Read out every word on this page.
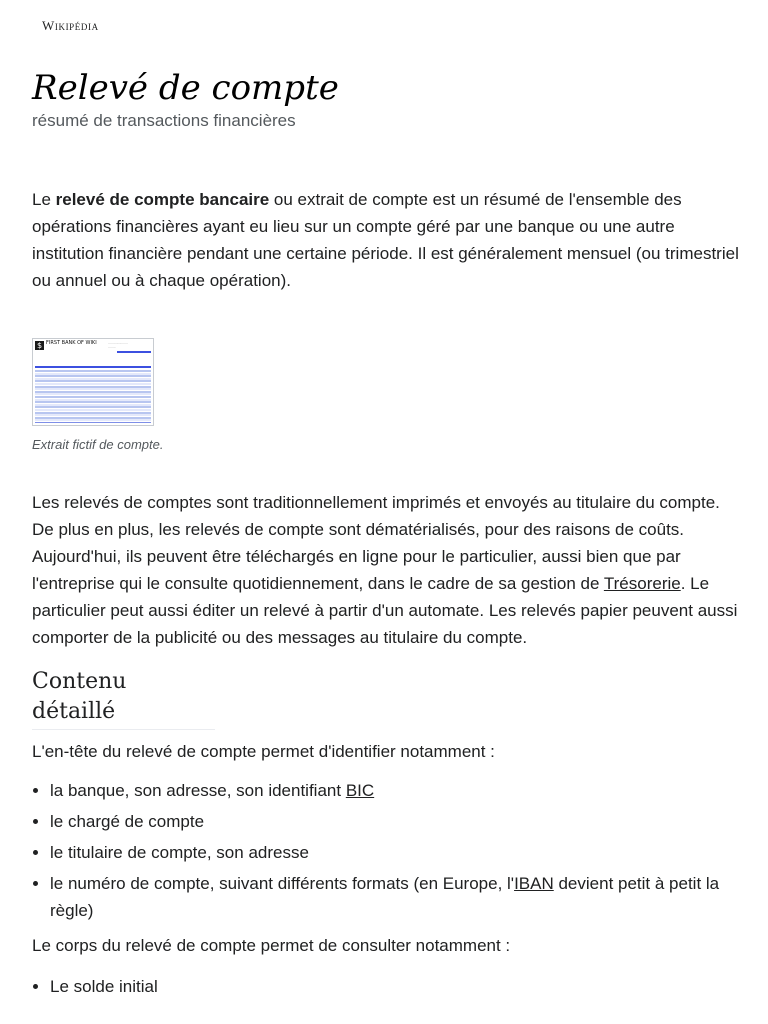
Wikipédia
Relevé de compte
résumé de transactions financières

Le relevé de compte bancaire ou extrait de compte est un résumé de l'ensemble des opérations financières ayant eu lieu sur un compte géré par une banque ou une autre institution financière pendant une certaine période. Il est généralement mensuel (ou trimestriel ou annuel ou à chaque opération).

$ FIRST BANK OF WIKI	·····················
········

Extrait fictif de compte.

Les relevés de comptes sont traditionnellement imprimés et envoyés au titulaire du compte. De plus en plus, les relevés de compte sont dématérialisés, pour des raisons de coûts. Aujourd'hui, ils peuvent être téléchargés en ligne pour le particulier, aussi bien que par l'entreprise qui le consulte quotidiennement, dans le cadre de sa gestion de Trésorerie. Le particulier peut aussi éditer un relevé à partir d'un automate. Les relevés papier peuvent aussi comporter de la publicité ou des messages au titulaire du compte.

Contenu détaillé

L'en-tête du relevé de compte permet d'identifier notamment :

• la banque, son adresse, son identifiant BIC
• le chargé de compte
• le titulaire de compte, son adresse
• le numéro de compte, suivant différents formats (en Europe, l'IBAN devient petit à petit la règle)

Le corps du relevé de compte permet de consulter notamment :

• Le solde initial
